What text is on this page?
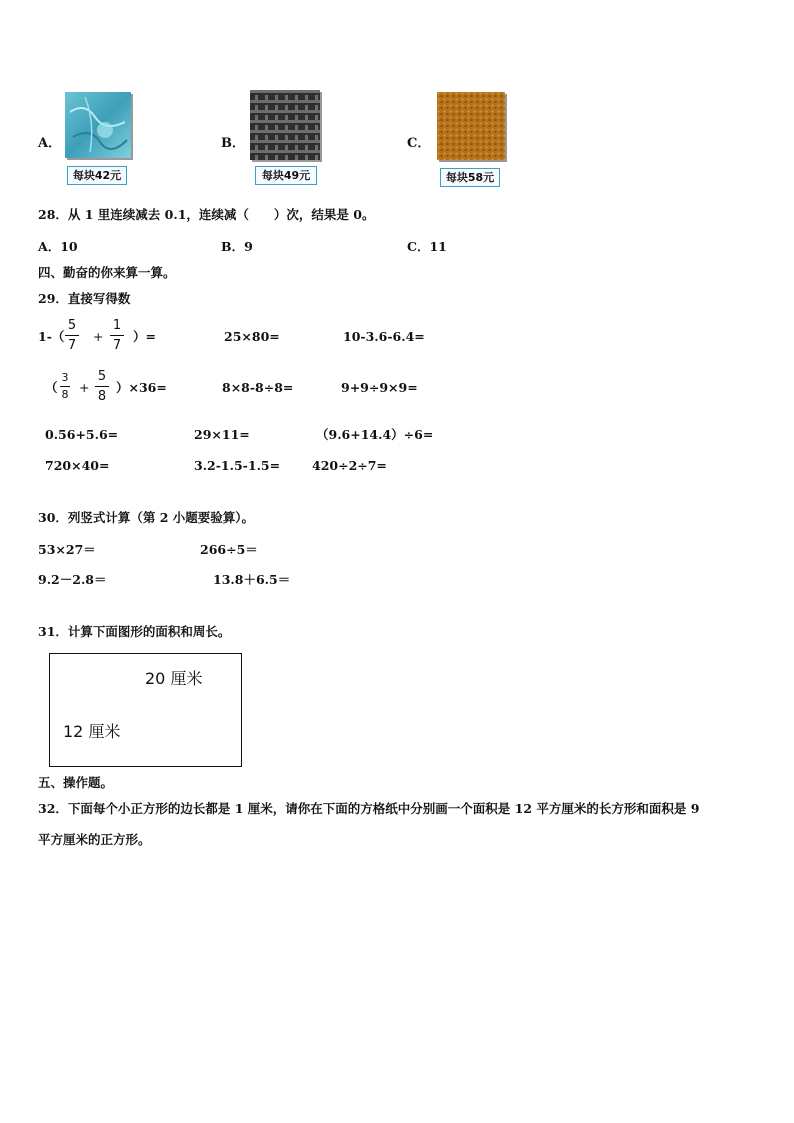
A．
每块42元
B．
每块49元
C．
每块58元
28．从 1 里连续减去 0.1，连续减（　　）次，结果是 0。
A．10	B．9	C．11
四、勤奋的你来算一算。
29．直接写得数
1-（
5
7
+
1
7
）=	25×80=	10-3.6-6.4=
（
3
8 +
5
8
）×36=	8×8-8÷8=	9+9÷9×9=
0.56+5.6=	29×11=	（9.6+14.4）÷6=
720×40=	3.2-1.5-1.5=	420÷2÷7=
30．列竖式计算（第 2 小题要验算）。
53×27＝	266÷5＝
9.2－2.8＝	13.8＋6.5＝
31．计算下面图形的面积和周长。
20 厘米
12 厘米
五、操作题。
32．下面每个小正方形的边长都是 1 厘米，请你在下面的方格纸中分别画一个面积是 12 平方厘米的长方形和面积是 9
平方厘米的正方形。
